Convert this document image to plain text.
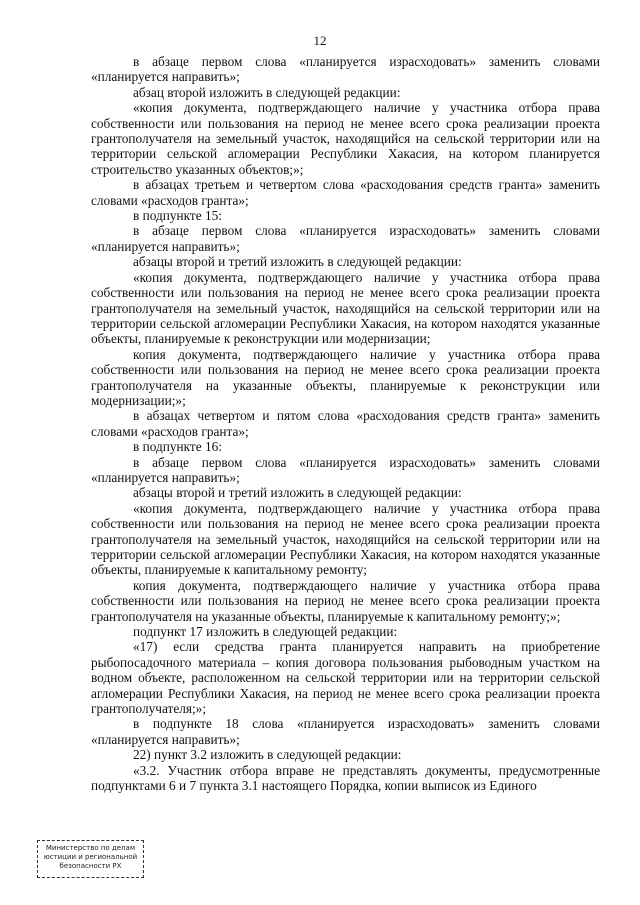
12

в абзаце первом слова «планируется израсходовать» заменить словами «планируется направить»;

абзац второй изложить в следующей редакции:

«копия документа, подтверждающего наличие у участника отбора права собственности или пользования на период не менее всего срока реализации проекта грантополучателя на земельный участок, находящийся на сельской территории или на территории сельской агломерации Республики Хакасия, на котором планируется строительство указанных объектов;»;

в абзацах третьем и четвертом слова «расходования средств гранта» заменить словами «расходов гранта»;

в подпункте 15:

в абзаце первом слова «планируется израсходовать» заменить словами «планируется направить»;

абзацы второй и третий изложить в следующей редакции:

«копия документа, подтверждающего наличие у участника отбора права собственности или пользования на период не менее всего срока реализации проекта грантополучателя на земельный участок, находящийся на сельской территории или на территории сельской агломерации Республики Хакасия, на котором находятся указанные объекты, планируемые к реконструкции или модернизации;

копия документа, подтверждающего наличие у участника отбора права собственности или пользования на период не менее всего срока реализации проекта грантополучателя на указанные объекты, планируемые к реконструкции или модернизации;»;

в абзацах четвертом и пятом слова «расходования средств гранта» заменить словами «расходов гранта»;

в подпункте 16:

в абзаце первом слова «планируется израсходовать» заменить словами «планируется направить»;

абзацы второй и третий изложить в следующей редакции:

«копия документа, подтверждающего наличие у участника отбора права собственности или пользования на период не менее всего срока реализации проекта грантополучателя на земельный участок, находящийся на сельской территории или на территории сельской агломерации Республики Хакасия, на котором находятся указанные объекты, планируемые к капитальному ремонту;

копия документа, подтверждающего наличие у участника отбора права собственности или пользования на период не менее всего срока реализации проекта грантополучателя на указанные объекты, планируемые к капитальному ремонту;»;

подпункт 17 изложить в следующей редакции:

«17) если средства гранта планируется направить на приобретение рыбопосадочного материала – копия договора пользования рыбоводным участком на водном объекте, расположенном на сельской территории или на территории сельской агломерации Республики Хакасия, на период не менее всего срока реализации проекта грантополучателя;»;

в подпункте 18 слова «планируется израсходовать» заменить словами «планируется направить»;

22) пункт 3.2 изложить в следующей редакции:

«3.2. Участник отбора вправе не представлять документы, предусмотренные подпунктами 6 и 7 пункта 3.1 настоящего Порядка, копии выписок из Единого

Министерство по делам
юстиции и региональной
безопасности РХ
